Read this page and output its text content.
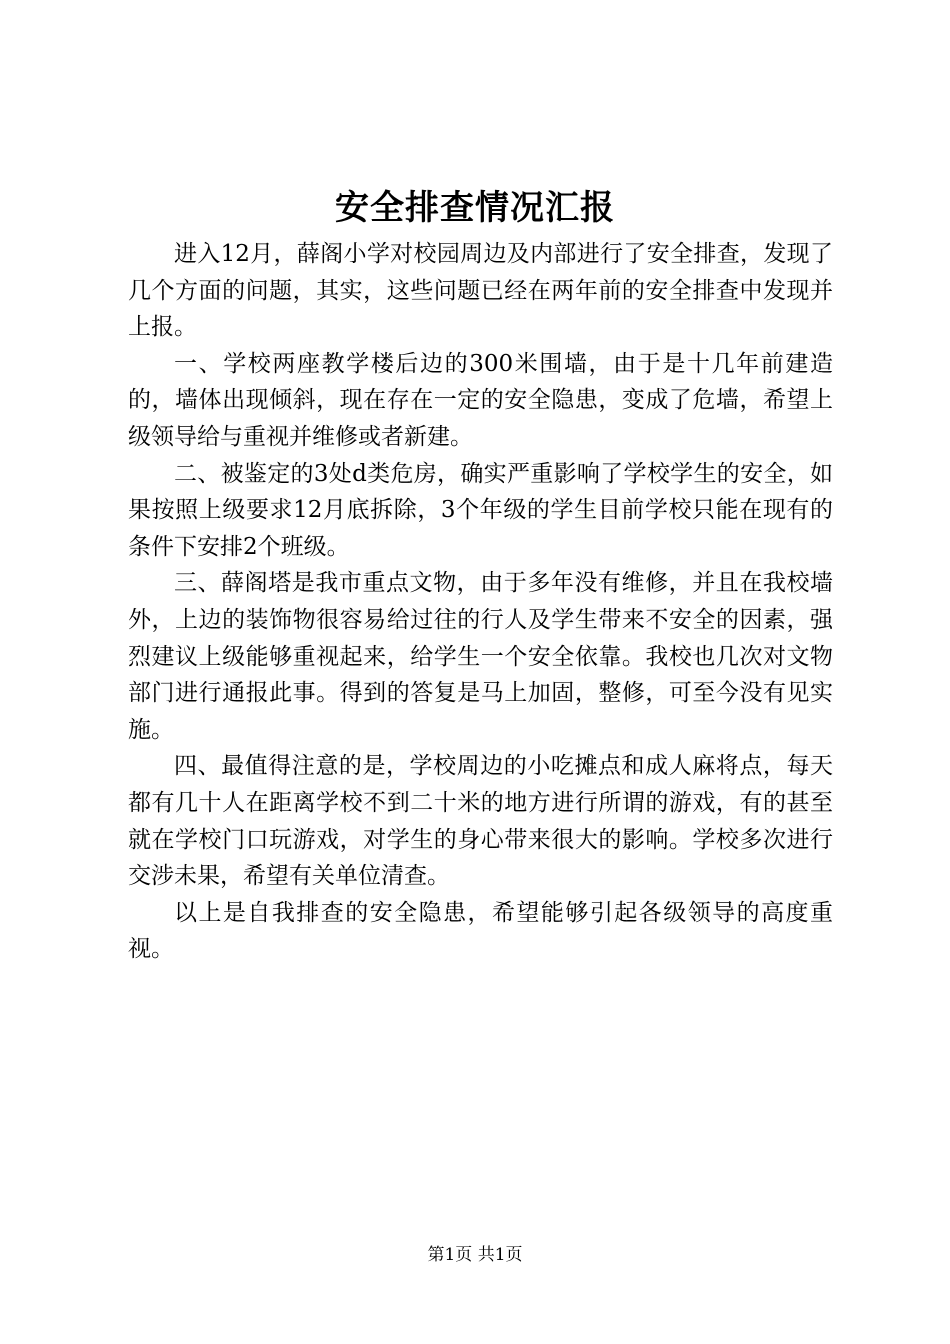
安全排查情况汇报

进入12月，薛阁小学对校园周边及内部进行了安全排查，发现了几个方面的问题，其实，这些问题已经在两年前的安全排查中发现并上报。

一、学校两座教学楼后边的300米围墙，由于是十几年前建造的，墙体出现倾斜，现在存在一定的安全隐患，变成了危墙，希望上级领导给与重视并维修或者新建。

二、被鉴定的3处d类危房，确实严重影响了学校学生的安全，如果按照上级要求12月底拆除，3个年级的学生目前学校只能在现有的条件下安排2个班级。

三、薛阁塔是我市重点文物，由于多年没有维修，并且在我校墙外，上边的装饰物很容易给过往的行人及学生带来不安全的因素，强烈建议上级能够重视起来，给学生一个安全依靠。我校也几次对文物部门进行通报此事。得到的答复是马上加固，整修，可至今没有见实施。

四、最值得注意的是，学校周边的小吃摊点和成人麻将点，每天都有几十人在距离学校不到二十米的地方进行所谓的游戏，有的甚至就在学校门口玩游戏，对学生的身心带来很大的影响。学校多次进行交涉未果，希望有关单位清查。

以上是自我排查的安全隐患，希望能够引起各级领导的高度重视。

第1页 共1页
